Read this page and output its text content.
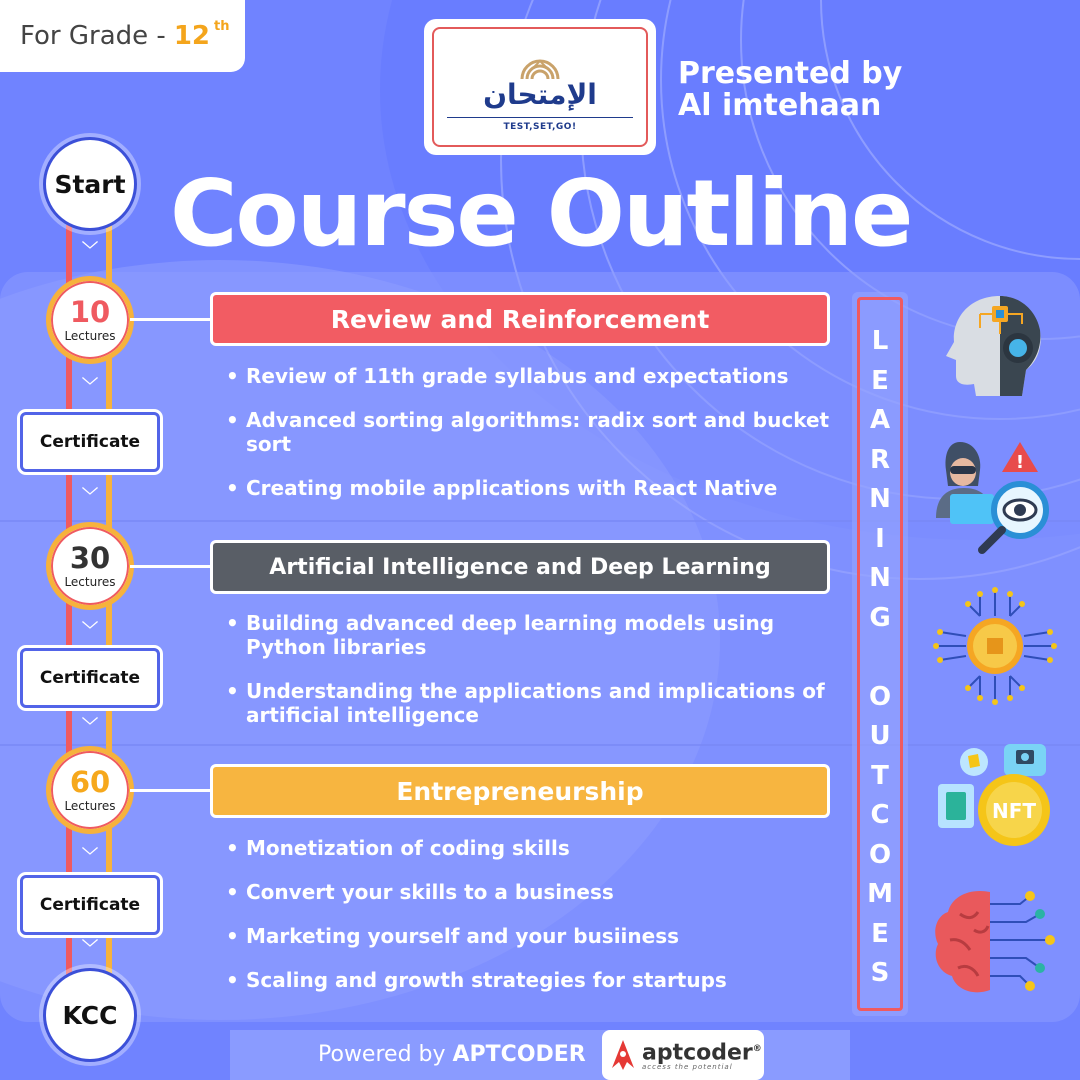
For Grade - 12 $^{th}$
الإمتحان
TEST,SET,GO!
Presented by
Al imtehaan
Course Outline
Start
﹀
10
Lectures
﹀
Certificate
﹀
30
Lectures
﹀
Certificate
﹀
60
Lectures
﹀
Certificate
﹀
KCC
Review and Reinforcement
• Review of 11th grade syllabus and expectations
• Advanced sorting algorithms: radix sort and bucket sort
• Creating mobile applications with React Native
Artificial Intelligence and Deep Learning
• Building advanced deep learning models using Python libraries
• Understanding the applications and implications of artificial intelligence
Entrepreneurship
• Monetization of coding skills
• Convert your skills to a business
• Marketing yourself and your busiiness
• Scaling and growth strategies for startups
L
E
A
R
N
I
N
G

O
U
T
C
O
M
E
S
!
NFT
Powered by APTCODER	aptcoder®
access the potential
